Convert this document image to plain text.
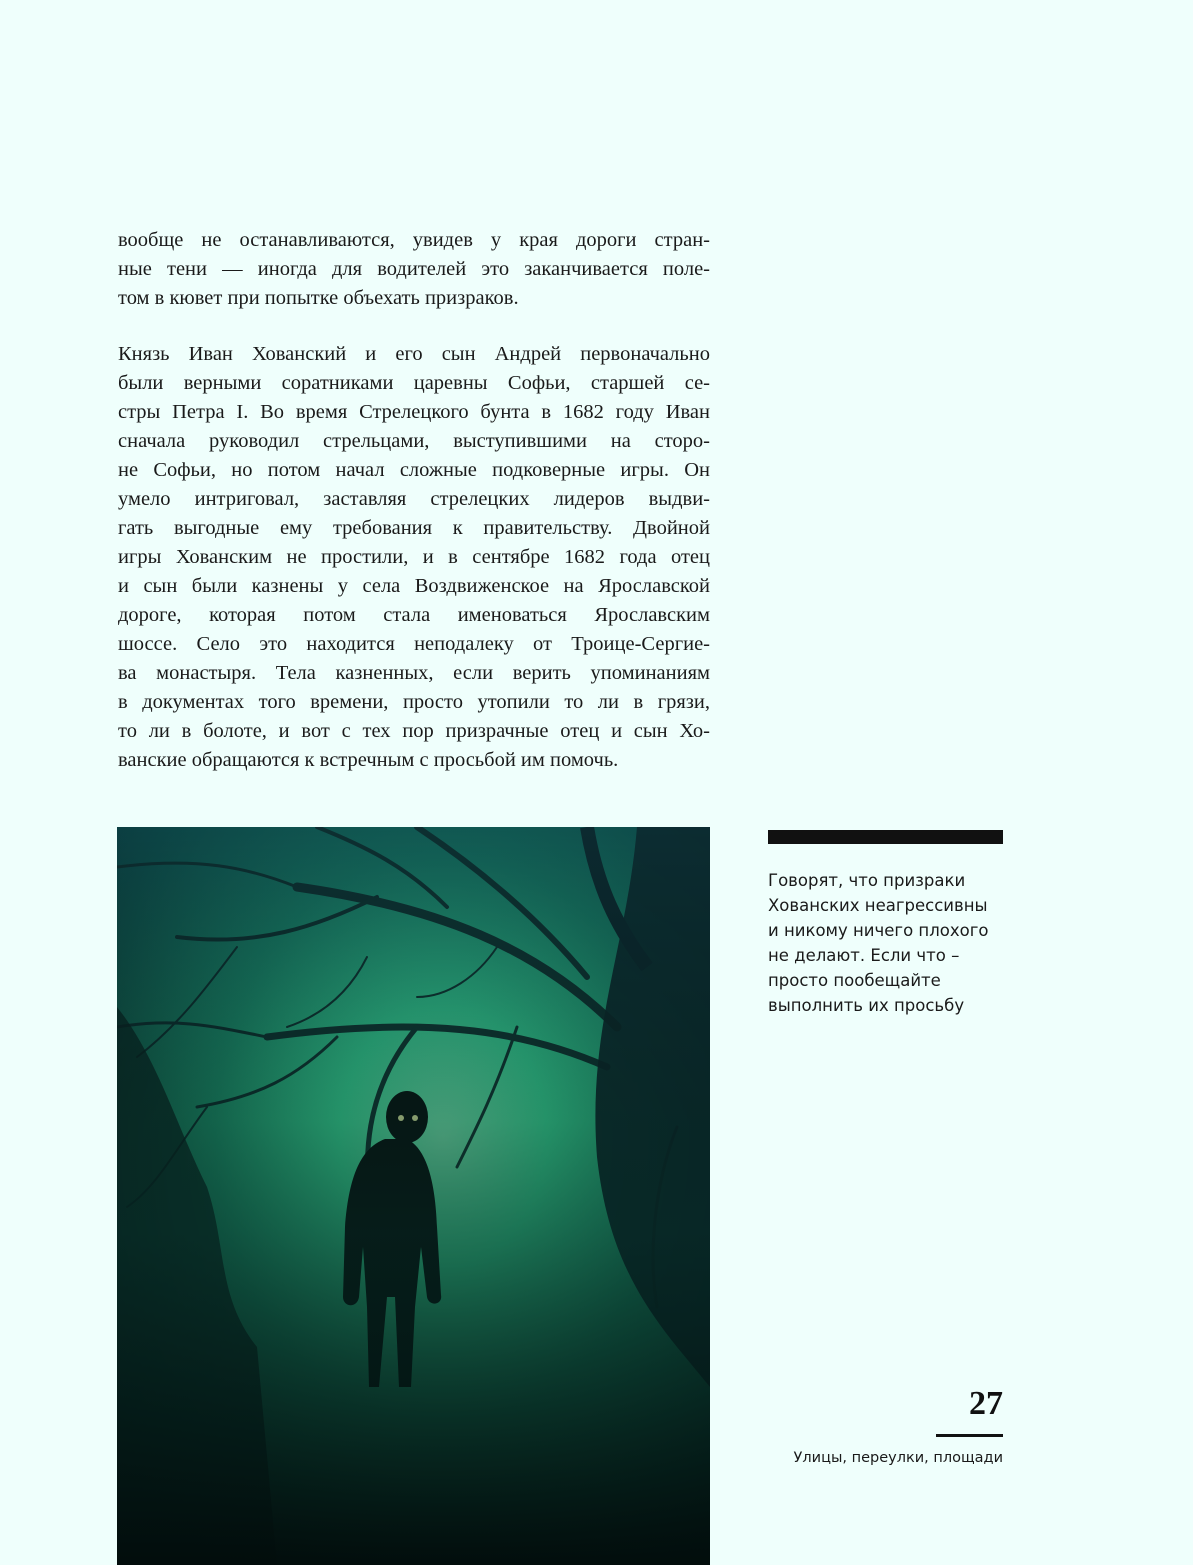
вообще не останавливаются, увидев у края дороги стран-
ные тени — иногда для водителей это заканчивается поле-
том в кювет при попытке объехать призраков.
Князь Иван Хованский и его сын Андрей первоначально
были верными соратниками царевны Софьи, старшей се-
стры Петра I. Во время Стрелецкого бунта в 1682 году Иван
сначала руководил стрельцами, выступившими на сторо-
не Софьи, но потом начал сложные подковерные игры. Он
умело интриговал, заставляя стрелецких лидеров выдви-
гать выгодные ему требования к правительству. Двойной
игры Хованским не простили, и в сентябре 1682 года отец
и сын были казнены у села Воздвиженское на Ярославской
дороге, которая потом стала именоваться Ярославским
шоссе. Село это находится неподалеку от Троице-Сергие-
ва монастыря. Тела казненных, если верить упоминаниям
в документах того времени, просто утопили то ли в грязи,
то ли в болоте, и вот с тех пор призрачные отец и сын Хо-
ванские обращаются к встречным с просьбой им помочь.
Говорят, что призраки
Хованских неагрессивны
и никому ничего плохого
не делают. Если что –
просто пообещайте
выполнить их просьбу
27
Улицы, переулки, площади
